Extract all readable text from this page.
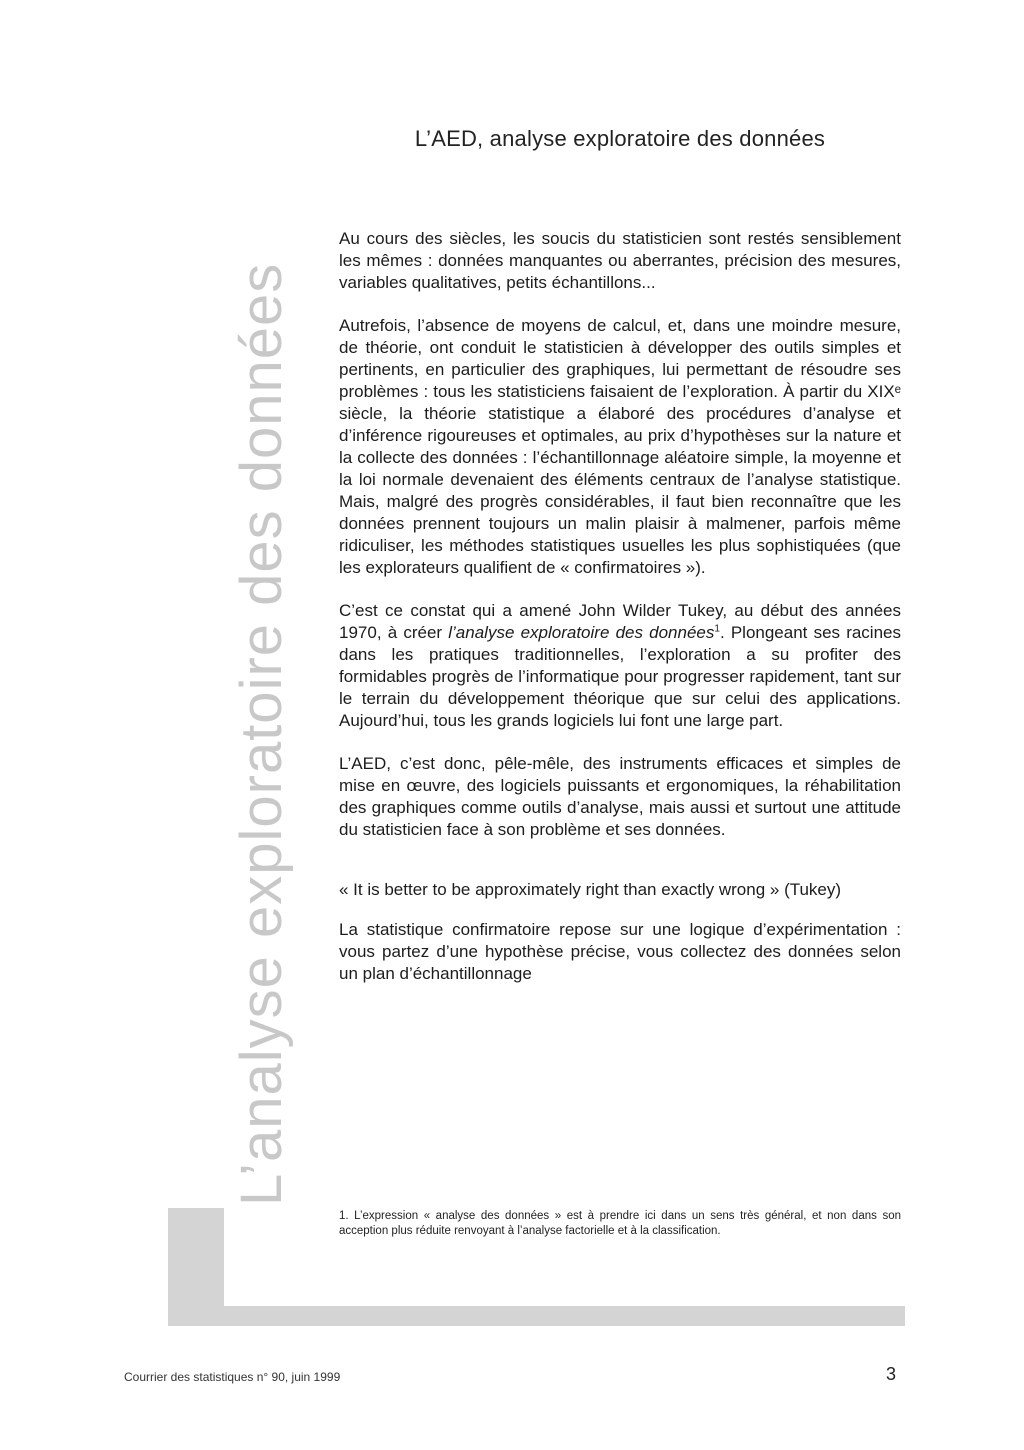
L’AED, analyse exploratoire des données
L’analyse exploratoire des données

Au cours des siècles, les soucis du statisticien sont restés sensiblement les mêmes : données manquantes ou aberrantes, précision des mesures, variables qualitatives, petits échantillons...

Autrefois, l’absence de moyens de calcul, et, dans une moindre mesure, de théorie, ont conduit le statisticien à développer des outils simples et pertinents, en particulier des graphiques, lui permettant de résoudre ses problèmes : tous les statisticiens faisaient de l’exploration. À partir du XIXᵉ siècle, la théorie statistique a élaboré des procédures d’analyse et d’inférence rigoureuses et optimales, au prix d’hypothèses sur la nature et la collecte des données : l’échantillonnage aléatoire simple, la moyenne et la loi normale devenaient des éléments centraux de l’analyse statistique. Mais, malgré des progrès considérables, il faut bien reconnaître que les données prennent toujours un malin plaisir à malmener, parfois même ridiculiser, les méthodes statistiques usuelles les plus sophistiquées (que les explorateurs qualifient de « confirmatoires »).

C’est ce constat qui a amené John Wilder Tukey, au début des années 1970, à créer l’analyse exploratoire des données$^1$. Plongeant ses racines dans les pratiques traditionnelles, l’exploration a su profiter des formidables progrès de l’informatique pour progresser rapidement, tant sur le terrain du développement théorique que sur celui des applications. Aujourd’hui, tous les grands logiciels lui font une large part.

L’AED, c’est donc, pêle-mêle, des instruments efficaces et simples de mise en œuvre, des logiciels puissants et ergonomiques, la réhabilitation des graphiques comme outils d’analyse, mais aussi et surtout une attitude du statisticien face à son problème et ses données.

« It is better to be approximately right than exactly wrong » (Tukey)

La statistique confirmatoire repose sur une logique d’expérimentation : vous partez d’une hypothèse précise, vous collectez des données selon un plan d’échantillonnage

1. L’expression « analyse des données » est à prendre ici dans un sens très général, et non dans son acception plus réduite renvoyant à l’analyse factorielle et à la classification.
Courrier des statistiques n° 90, juin 1999	3
